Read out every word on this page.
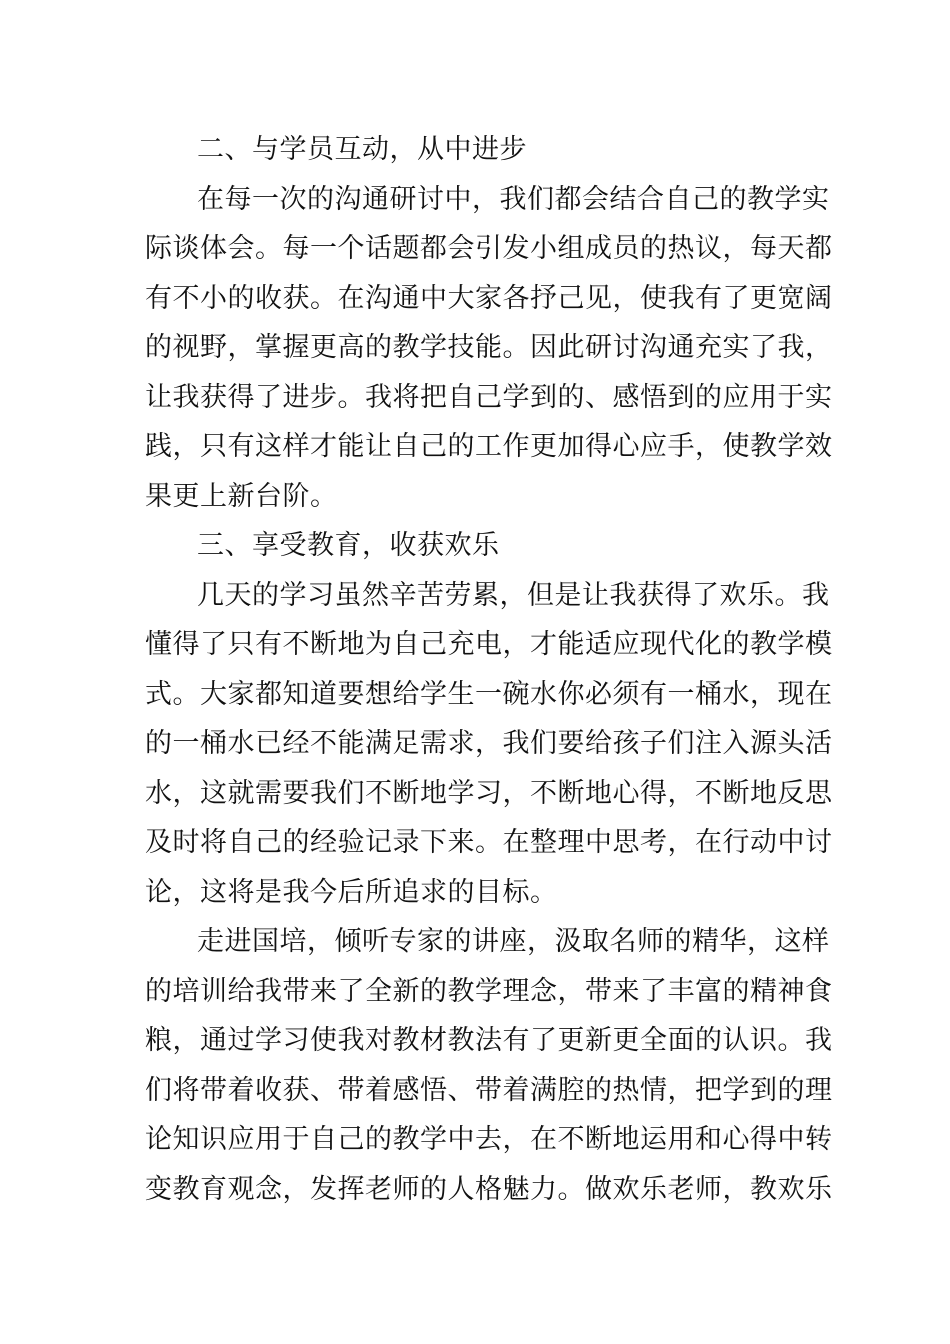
二、与学员互动，从中进步
在每一次的沟通研讨中，我们都会结合自己的教学实
际谈体会。每一个话题都会引发小组成员的热议，每天都
有不小的收获。在沟通中大家各抒己见，使我有了更宽阔
的视野，掌握更高的教学技能。因此研讨沟通充实了我，
让我获得了进步。我将把自己学到的、感悟到的应用于实
践，只有这样才能让自己的工作更加得心应手，使教学效
果更上新台阶。
三、享受教育，收获欢乐
几天的学习虽然辛苦劳累，但是让我获得了欢乐。我
懂得了只有不断地为自己充电，才能适应现代化的教学模
式。大家都知道要想给学生一碗水你必须有一桶水，现在
的一桶水已经不能满足需求，我们要给孩子们注入源头活
水，这就需要我们不断地学习，不断地心得，不断地反思
及时将自己的经验记录下来。在整理中思考，在行动中讨
论，这将是我今后所追求的目标。
走进国培，倾听专家的讲座，汲取名师的精华，这样
的培训给我带来了全新的教学理念，带来了丰富的精神食
粮，通过学习使我对教材教法有了更新更全面的认识。我
们将带着收获、带着感悟、带着满腔的热情，把学到的理
论知识应用于自己的教学中去，在不断地运用和心得中转
变教育观念，发挥老师的人格魅力。做欢乐老师，教欢乐
